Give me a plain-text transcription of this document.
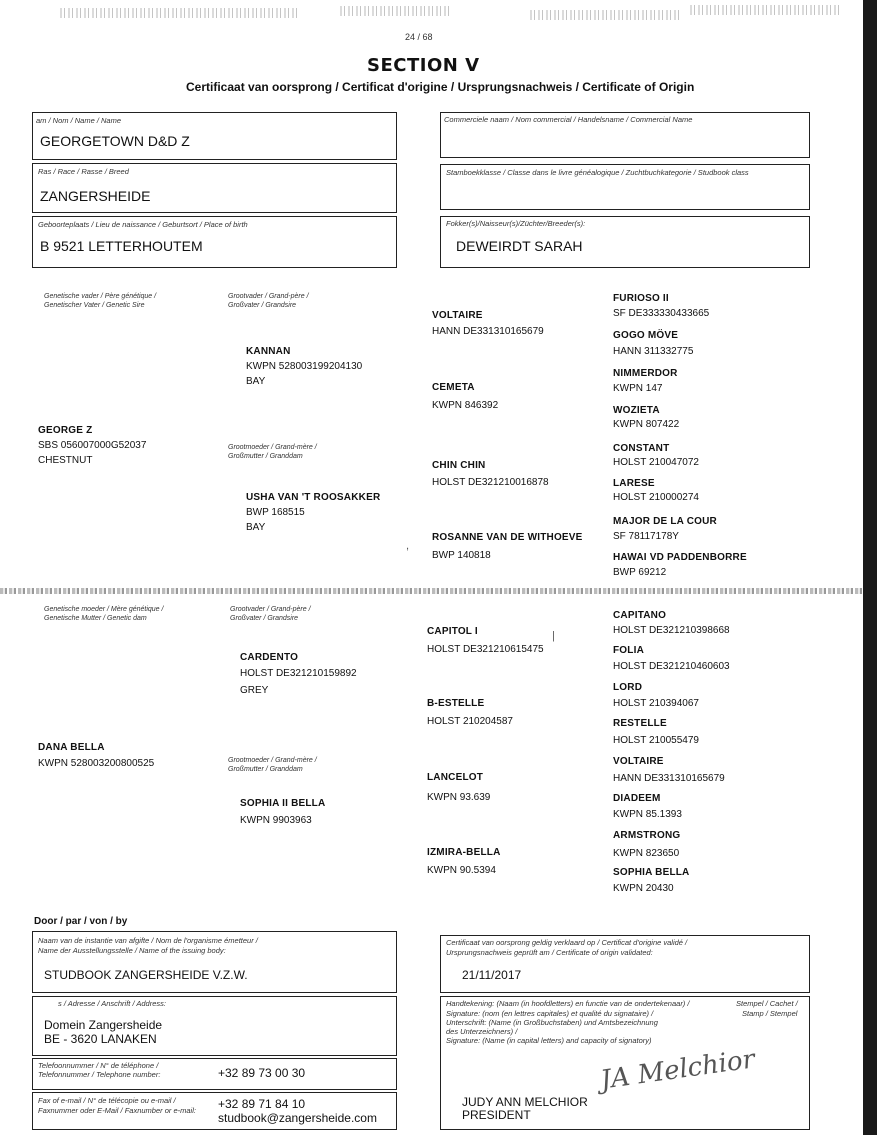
24 / 68
SECTION V
Certificaat van oorsprong / Certificat d'origine / Ursprungsnachweis / Certificate of Origin
am / Nom / Name / Name
GEORGETOWN D&D Z
Ras / Race / Rasse / Breed
ZANGERSHEIDE
Geboorteplaats / Lieu de naissance / Geburtsort / Place of birth
B 9521 LETTERHOUTEM
Commerciele naam / Nom commercial / Handelsname / Commercial Name
Stamboekklasse / Classe dans le livre généalogique / Zuchtbuchkategorie / Studbook class
Fokker(s)/Naisseur(s)/Züchter/Breeder(s):
DEWEIRDT SARAH
Genetische vader / Père génétique /
Genetischer Vater / Genetic Sire
Grootvader / Grand-père /
Großvater / Grandsire
Grootmoeder / Grand-mère /
Großmutter / Granddam
Genetische moeder / Mère génétique /
Genetische Mutter / Genetic dam
Grootvader / Grand-père /
Großvater / Grandsire
Grootmoeder / Grand-mère /
Großmutter / Granddam
GEORGE Z
SBS 056007000G52037
CHESTNUT
KANNAN
KWPN 528003199204130
BAY
USHA VAN 'T ROOSAKKER
BWP 168515
BAY
VOLTAIRE
HANN DE331310165679
CEMETA
KWPN 846392
CHIN CHIN
HOLST DE321210016878
ROSANNE VAN DE WITHOEVE
BWP 140818
FURIOSO II
SF DE333330433665
GOGO MÖVE
HANN 311332775
NIMMERDOR
KWPN 147
WOZIETA
KWPN 807422
CONSTANT
HOLST 210047072
LARESE
HOLST 210000274
MAJOR DE LA COUR
SF 78117178Y
HAWAI VD PADDENBORRE
BWP 69212
DANA BELLA
KWPN 528003200800525
CARDENTO
HOLST DE321210159892
GREY
SOPHIA II BELLA
KWPN 9903963
CAPITOL I
HOLST DE321210615475
B-ESTELLE
HOLST 210204587
LANCELOT
KWPN 93.639
IZMIRA-BELLA
KWPN 90.5394
CAPITANO
HOLST DE321210398668
FOLIA
HOLST DE321210460603
LORD
HOLST 210394067
RESTELLE
HOLST 210055479
VOLTAIRE
HANN DE331310165679
DIADEEM
KWPN 85.1393
ARMSTRONG
KWPN 823650
SOPHIA BELLA
KWPN 20430
,
|
Door / par / von / by
Naam van de instantie van afgifte / Nom de l'organisme émetteur /
Name der Ausstellungsstelle / Name of the issuing body:
STUDBOOK ZANGERSHEIDE V.Z.W.
s / Adresse / Anschrift / Address:
Domein Zangersheide
BE - 3620 LANAKEN
Telefoonnummer / N° de téléphone /
Telefonnummer / Telephone number:	+32 89 73 00 30
Fax of e-mail / N° de télécopie ou e-mail /
Faxnummer oder E-Mail / Faxnumber or e-mail: +32 89 71 84 10
studbook@zangersheide.com
Certificaat van oorsprong geldig verklaard op / Certificat d'origine validé /
Ursprungsnachweis geprüft am / Certificate of origin validated:
21/11/2017
Handtekening: (Naam (in hoofdletters) en functie van de ondertekenaar) /
Signature: (nom (en lettres capitales) et qualité du signataire) /
Unterschrift: (Name (in Großbuchstaben) und Amtsbezeichnung
des Unterzeichners) /
Signature: (Name (in capital letters) and capacity of signatory)
Stempel / Cachet /
Stamp / Stempel
JA Melchior
JUDY ANN MELCHIOR
PRESIDENT
